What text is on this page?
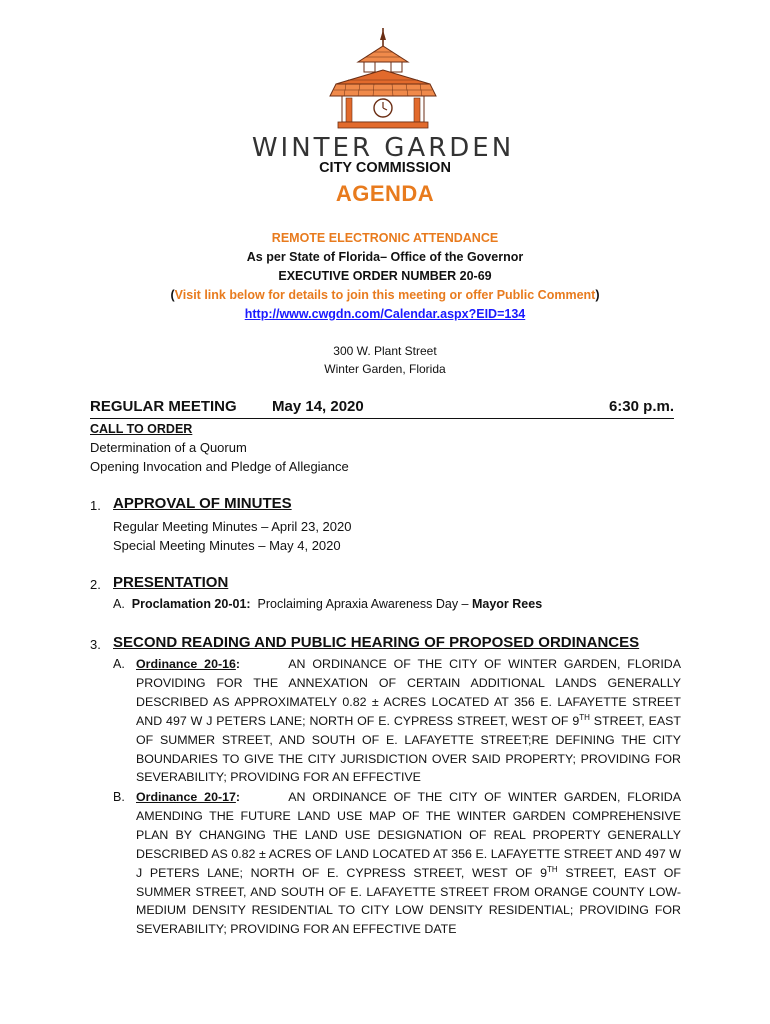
WINTER GARDEN
CITY COMMISSION
AGENDA
REMOTE ELECTRONIC ATTENDANCE
As per State of Florida– Office of the Governor
EXECUTIVE ORDER NUMBER 20-69
(Visit link below for details to join this meeting or offer Public Comment)
http://www.cwgdn.com/Calendar.aspx?EID=134
300 W. Plant Street
Winter Garden, Florida
REGULAR MEETING May 14, 2020	6:30 p.m.
CALL TO ORDER
Determination of a Quorum
Opening Invocation and Pledge of Allegiance
1. APPROVAL OF MINUTES
Regular Meeting Minutes – April 23, 2020
Special Meeting Minutes – May 4, 2020
2. PRESENTATION
A. Proclamation 20-01: Proclaiming Apraxia Awareness Day – Mayor Rees
3. SECOND READING AND PUBLIC HEARING OF PROPOSED ORDINANCES
A. Ordinance 20-16:	AN ORDINANCE OF THE CITY OF WINTER GARDEN, FLORIDA PROVIDING FOR THE ANNEXATION OF CERTAIN ADDITIONAL LANDS GENERALLY DESCRIBED AS APPROXIMATELY 0.82 ± ACRES LOCATED AT 356 E. LAFAYETTE STREET AND 497 W J PETERS LANE; NORTH OF E. CYPRESS STREET, WEST OF 9TH STREET, EAST OF SUMMER STREET, AND SOUTH OF E. LAFAYETTE STREET;RE DEFINING THE CITY BOUNDARIES TO GIVE THE CITY JURISDICTION OVER SAID PROPERTY; PROVIDING FOR SEVERABILITY; PROVIDING FOR AN EFFECTIVE
B. Ordinance 20-17:	AN ORDINANCE OF THE CITY OF WINTER GARDEN, FLORIDA AMENDING THE FUTURE LAND USE MAP OF THE WINTER GARDEN COMPREHENSIVE PLAN BY CHANGING THE LAND USE DESIGNATION OF REAL PROPERTY GENERALLY DESCRIBED AS 0.82 ± ACRES OF LAND LOCATED AT 356 E. LAFAYETTE STREET AND 497 W J PETERS LANE; NORTH OF E. CYPRESS STREET, WEST OF 9TH STREET, EAST OF SUMMER STREET, AND SOUTH OF E. LAFAYETTE STREET FROM ORANGE COUNTY LOW-MEDIUM DENSITY RESIDENTIAL TO CITY LOW DENSITY RESIDENTIAL; PROVIDING FOR SEVERABILITY; PROVIDING FOR AN EFFECTIVE DATE
